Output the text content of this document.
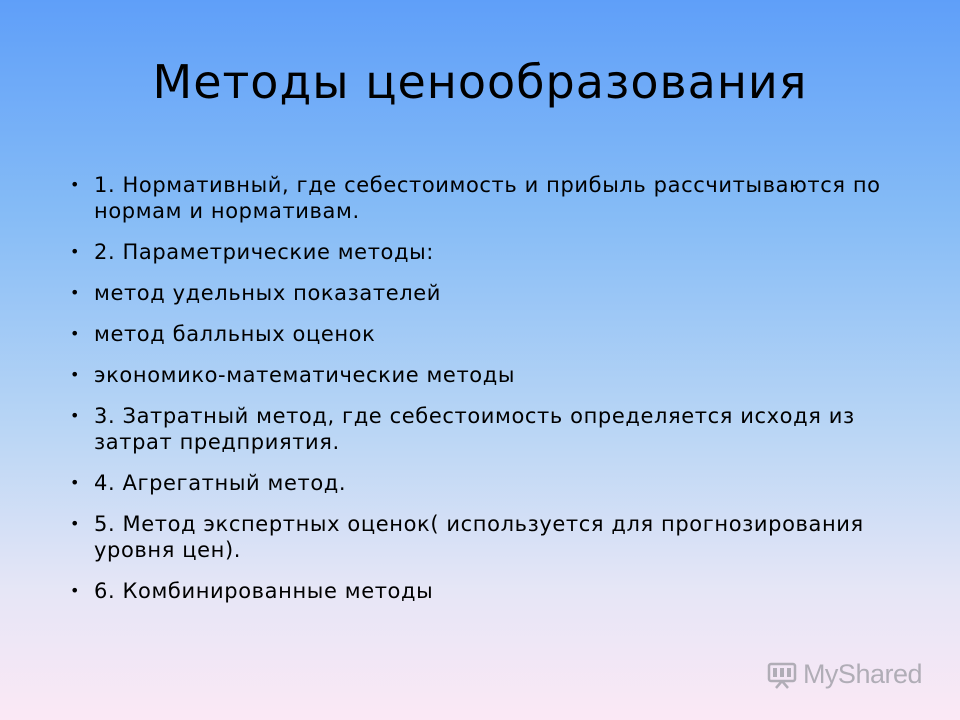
Методы ценообразования
• 1. Нормативный, где себестоимость и прибыль рассчитываются по нормам и нормативам.
• 2. Параметрические методы:
• метод удельных показателей
• метод балльных оценок
• экономико-математические методы
• 3. Затратный метод, где себестоимость определяется исходя из затрат предприятия.
• 4. Агрегатный метод.
• 5. Метод экспертных оценок( используется для прогнозирования уровня цен).
• 6. Комбинированные методы
MyShared
